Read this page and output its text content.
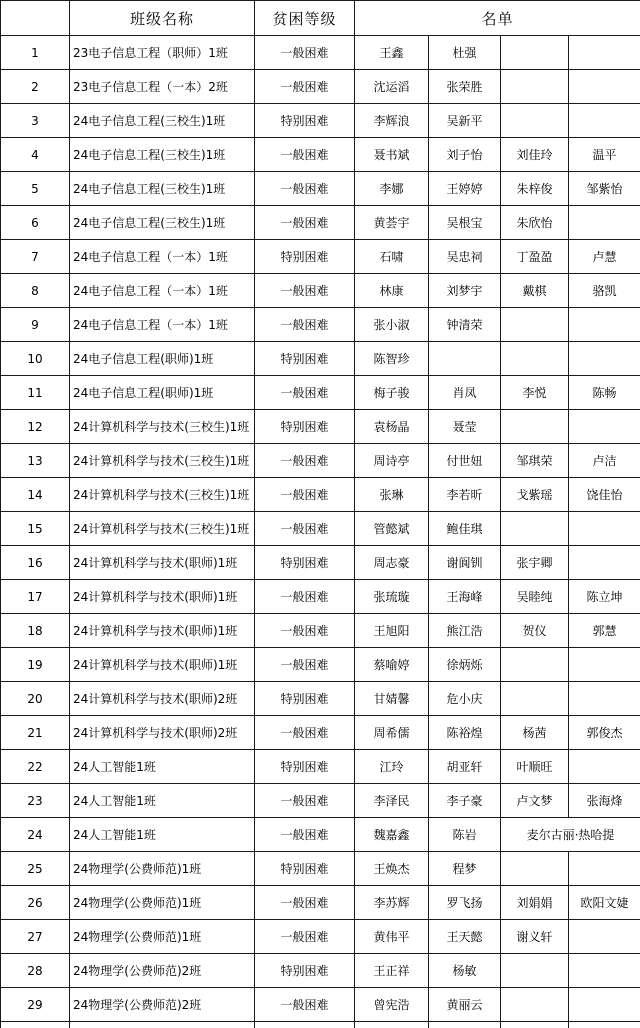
	班级名称	贫困等级	名单			
1	23电子信息工程（职师）1班	一般困难	王鑫	杜强		
2	23电子信息工程（一本）2班	一般困难	沈运滔	张荣胜		
3	24电子信息工程(三校生)1班	特别困难	李辉浪	吴新平		
4	24电子信息工程(三校生)1班	一般困难	聂书斌	刘子怡	刘佳玲	温平
5	24电子信息工程(三校生)1班	一般困难	李娜	王婷婷	朱梓俊	邹紫怡
6	24电子信息工程(三校生)1班	一般困难	黄荟宇	吴根宝	朱欣怡	
7	24电子信息工程（一本）1班	特别困难	石啸	吴忠祠	丁盈盈	卢慧
8	24电子信息工程（一本）1班	一般困难	林康	刘梦宇	戴棋	骆凯
9	24电子信息工程（一本）1班	一般困难	张小淑	钟清荣		
10	24电子信息工程(职师)1班	特别困难	陈智珍			
11	24电子信息工程(职师)1班	一般困难	梅子骏	肖凤	李悦	陈畅
12	24计算机科学与技术(三校生)1班	特别困难	袁杨晶	聂莹		
13	24计算机科学与技术(三校生)1班	一般困难	周诗亭	付世妞	邹琪荣	卢洁
14	24计算机科学与技术(三校生)1班	一般困难	张琳	李若昕	戈紫瑶	饶佳怡
15	24计算机科学与技术(三校生)1班	一般困难	管懿斌	鲍佳琪		
16	24计算机科学与技术(职师)1班	特别困难	周志豪	谢阆钏	张宇卿	
17	24计算机科学与技术(职师)1班	一般困难	张琉璇	王海峰	吴睦纯	陈立坤
18	24计算机科学与技术(职师)1班	一般困难	王旭阳	熊江浩	贺仪	郭慧
19	24计算机科学与技术(职师)1班	一般困难	蔡喻婷	徐炳烁		
20	24计算机科学与技术(职师)2班	特别困难	甘婧馨	危小庆		
21	24计算机科学与技术(职师)2班	一般困难	周希儒	陈裕煌	杨茜	郭俊杰
22	24人工智能1班	特别困难	江玲	胡亚轩	叶顺旺	
23	24人工智能1班	一般困难	李泽民	李子豪	卢文梦	张海烽
24	24人工智能1班	一般困难	魏嘉鑫	陈岩	麦尔古丽·热哈提	
25	24物理学(公费师范)1班	特别困难	王焕杰	程梦		
26	24物理学(公费师范)1班	一般困难	李苏辉	罗飞扬	刘娟娟	欧阳文婕
27	24物理学(公费师范)1班	一般困难	黄伟平	王天懿	谢义轩	
28	24物理学(公费师范)2班	特别困难	王正祥	杨敏		
29	24物理学(公费师范)2班	一般困难	曾宪浩	黄丽云		
